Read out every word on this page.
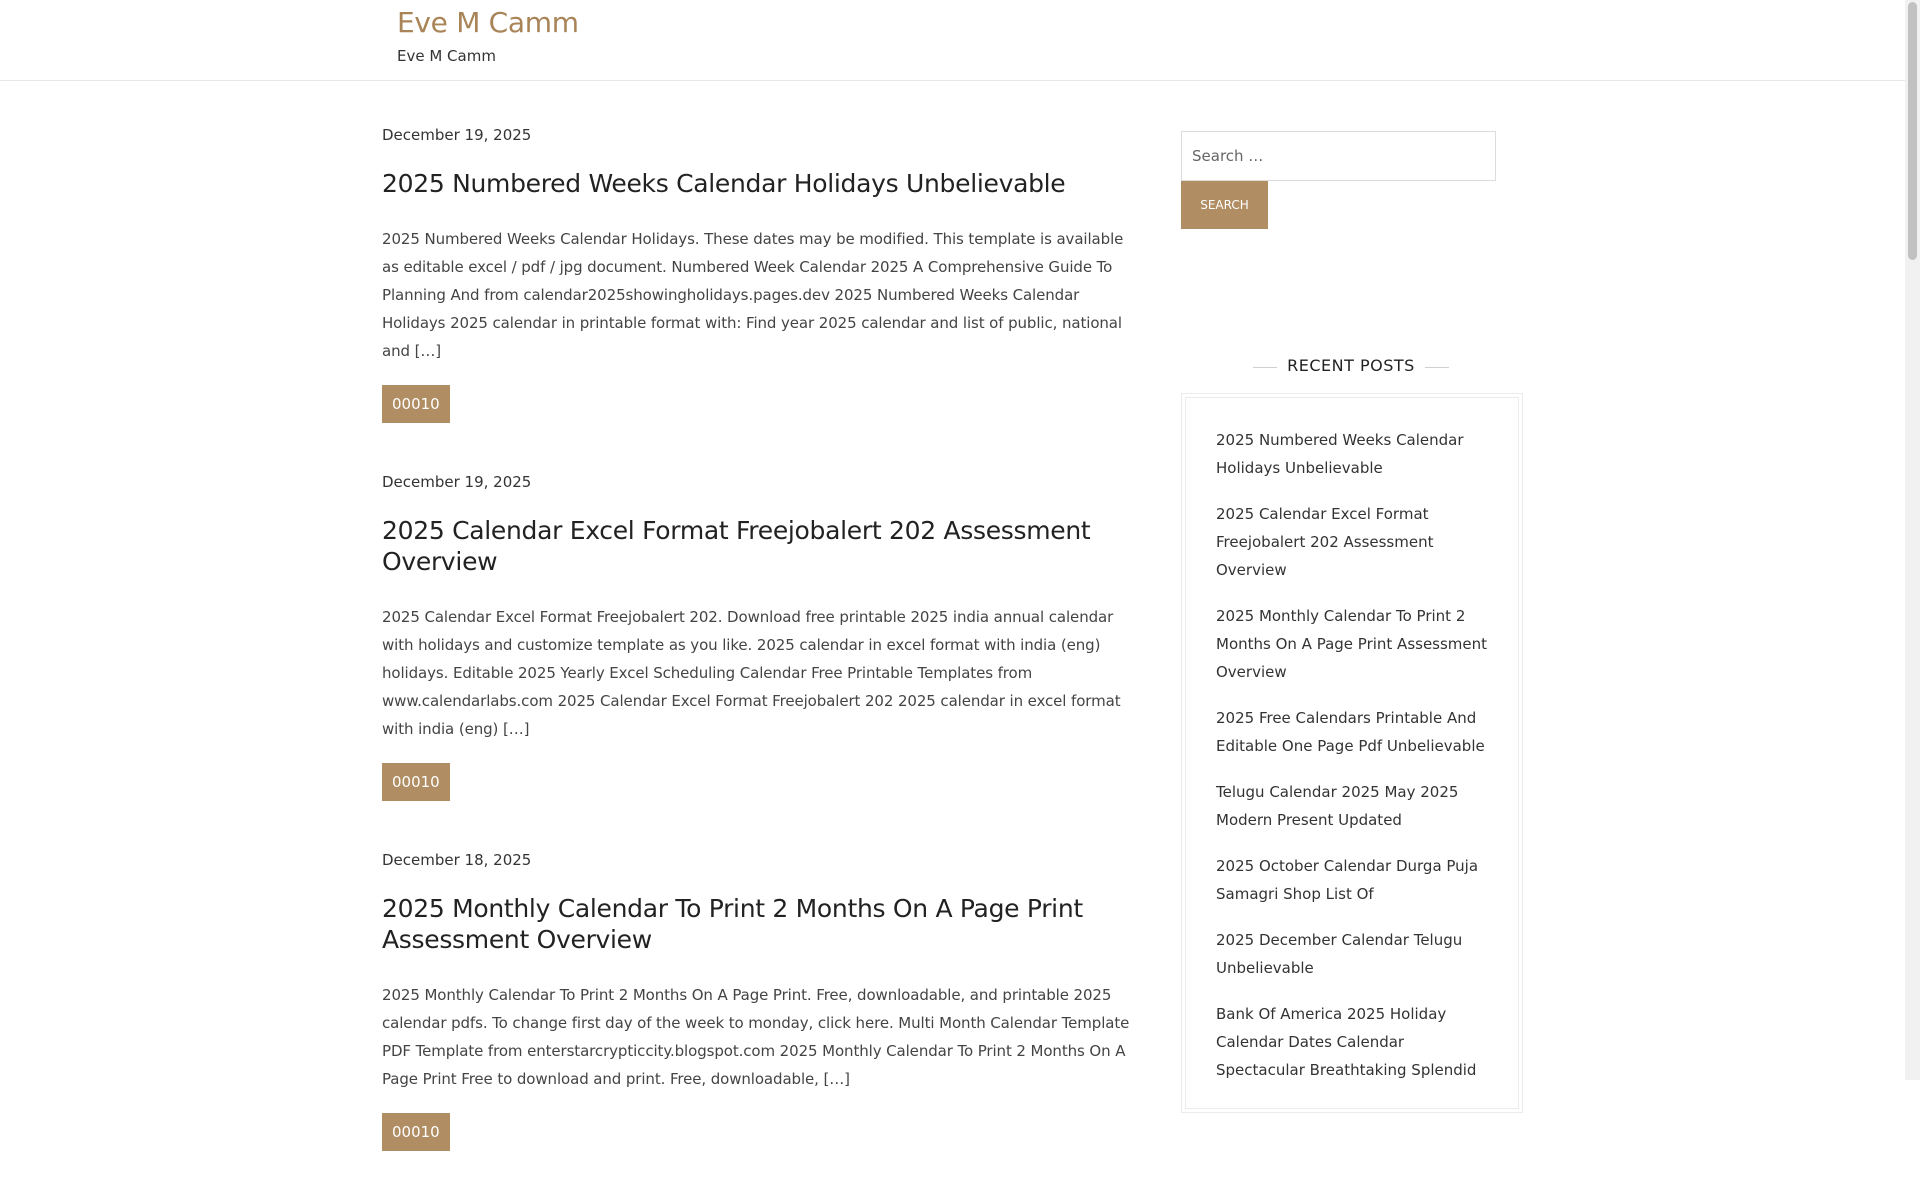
Eve M Camm
Eve M Camm
December 19, 2025
2025 Numbered Weeks Calendar Holidays Unbelievable

2025 Numbered Weeks Calendar Holidays. These dates may be modified. This template is available as editable excel / pdf / jpg document. Numbered Week Calendar 2025 A Comprehensive Guide To Planning And from calendar2025showingholidays.pages.dev 2025 Numbered Weeks Calendar Holidays 2025 calendar in printable format with: Find year 2025 calendar and list of public, national and […]

00010
December 19, 2025
2025 Calendar Excel Format Freejobalert 202 Assessment Overview

2025 Calendar Excel Format Freejobalert 202. Download free printable 2025 india annual calendar with holidays and customize template as you like. 2025 calendar in excel format with india (eng) holidays. Editable 2025 Yearly Excel Scheduling Calendar Free Printable Templates from www.calendarlabs.com 2025 Calendar Excel Format Freejobalert 202 2025 calendar in excel format with india (eng) […]

00010
December 18, 2025
2025 Monthly Calendar To Print 2 Months On A Page Print Assessment Overview

2025 Monthly Calendar To Print 2 Months On A Page Print. Free, downloadable, and printable 2025 calendar pdfs. To change first day of the week to monday, click here. Multi Month Calendar Template PDF Template from enterstarcrypticcity.blogspot.com 2025 Monthly Calendar To Print 2 Months On A Page Print Free to download and print. Free, downloadable, […]

00010
Search …
SEARCH
RECENT POSTS
2025 Numbered Weeks Calendar Holidays Unbelievable
2025 Calendar Excel Format Freejobalert 202 Assessment Overview
2025 Monthly Calendar To Print 2 Months On A Page Print Assessment Overview
2025 Free Calendars Printable And Editable One Page Pdf Unbelievable
Telugu Calendar 2025 May 2025 Modern Present Updated
2025 October Calendar Durga Puja Samagri Shop List Of
2025 December Calendar Telugu Unbelievable
Bank Of America 2025 Holiday Calendar Dates Calendar Spectacular Breathtaking Splendid
